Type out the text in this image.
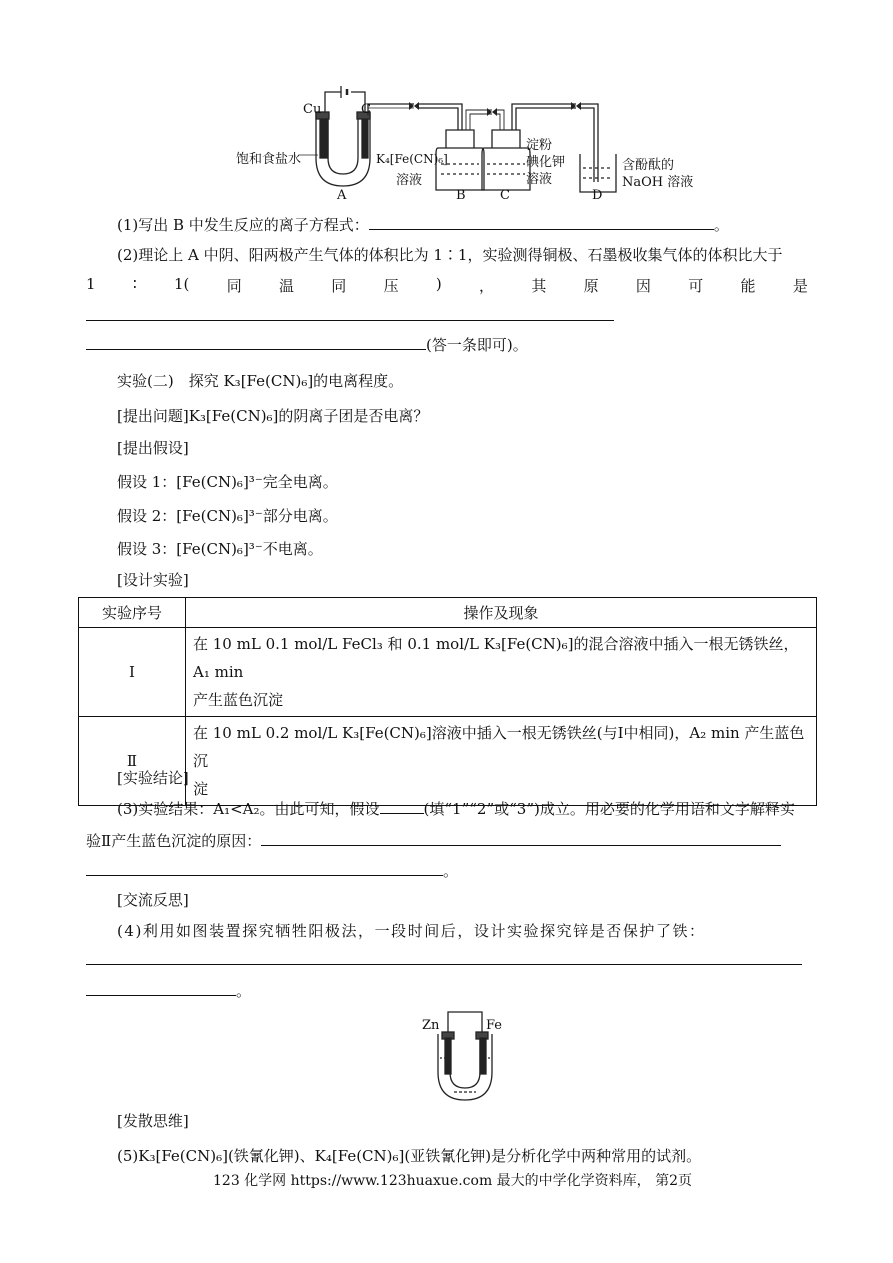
Cu	C
饱和食盐水
A
K₄[Fe(CN)₆]
溶液
B
淀粉
碘化钾
溶液
C
含酚酞的
NaOH 溶液
D
(1)写出 B 中发生反应的离子方程式：	。
(2)理论上 A 中阴、阳两极产生气体的体积比为 1∶1，实验测得铜极、石墨极收集气体的体积比大于
1 ∶ 1( 同 温 同 压 ) ， 其 原 因 可 能 是
(答一条即可)。
实验(二)　探究 K₃[Fe(CN)₆]的电离程度。
[提出问题]K₃[Fe(CN)₆]的阴离子团是否电离？
[提出假设]
假设 1：[Fe(CN)₆]³⁻完全电离。
假设 2：[Fe(CN)₆]³⁻部分电离。
假设 3：[Fe(CN)₆]³⁻不电离。
[设计实验]
实验序号	操作及现象
Ⅰ	在 10 mL 0.1 mol/L FeCl₃ 和 0.1 mol/L K₃[Fe(CN)₆]的混合溶液中插入一根无锈铁丝，A₁ min
产生蓝色沉淀

Ⅱ	在 10 mL 0.2 mol/L K₃[Fe(CN)₆]溶液中插入一根无锈铁丝(与Ⅰ中相同)，A₂ min 产生蓝色沉
淀
[实验结论]
(3)实验结果：A₁<A₂。由此可知，假设	(填“1”“2”或“3”)成立。用必要的化学用语和文字解释实
验Ⅱ产生蓝色沉淀的原因：
。
[交流反思]
(4)利用如图装置探究牺牲阳极法，一段时间后，设计实验探究锌是否保护了铁：
。
Zn	Fe
[发散思维]
(5)K₃[Fe(CN)₆](铁氰化钾)、K₄[Fe(CN)₆](亚铁氰化钾)是分析化学中两种常用的试剂。
123 化学网 https://www.123huaxue.com 最大的中学化学资料库， 第2页
